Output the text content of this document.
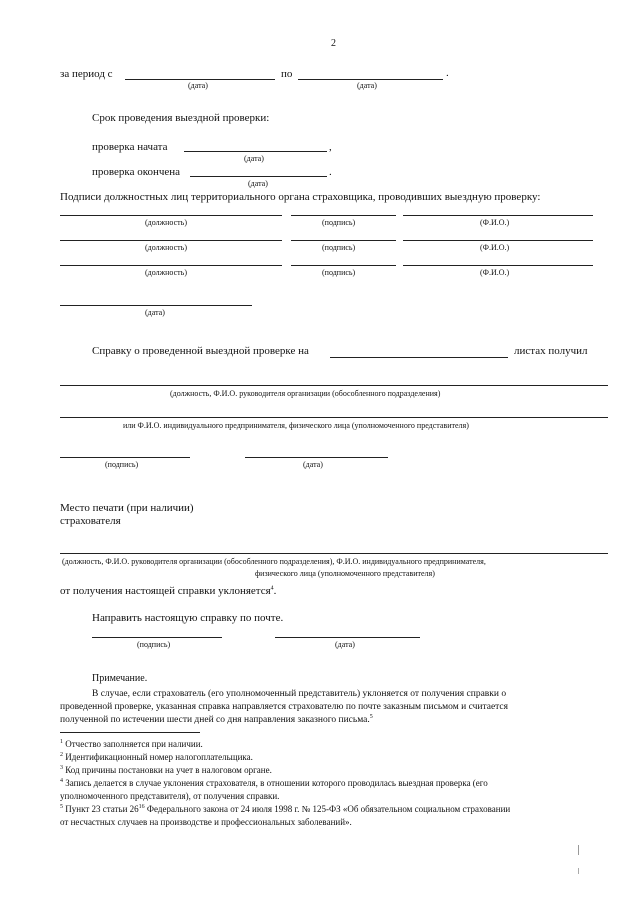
2
за период с	по	.
(дата)	(дата)
Срок проведения выездной проверки:
проверка начата	,
(дата)
проверка окончена	.
(дата)
Подписи должностных лиц территориального органа страховщика, проводивших выездную проверку:
(должность)	(подпись)	(Ф.И.О.)
(должность)	(подпись)	(Ф.И.О.)
(должность)	(подпись)	(Ф.И.О.)
(дата)
Справку о проведенной выездной проверке на	листах получил
(должность, Ф.И.О. руководителя организации (обособленного подразделения)
или Ф.И.О. индивидуального предпринимателя, физического лица (уполномоченного представителя)
(подпись)	(дата)
Место печати (при наличии)
страхователя
(должность, Ф.И.О. руководителя организации (обособленного подразделения), Ф.И.О. индивидуального предпринимателя,
физического лица (уполномоченного представителя)
от получения настоящей справки уклоняется$^4$.
Направить настоящую справку по почте.
(подпись)	(дата)
Примечание.
В случае, если страхователь (его уполномоченный представитель) уклоняется от получения справки о
проведенной проверке, указанная справка направляется страхователю по почте заказным письмом и считается
полученной по истечении шести дней со дня направления заказного письма.$^5$
$^1$ Отчество заполняется при наличии.
$^2$ Идентификационный номер налогоплательщика.
$^3$ Код причины постановки на учет в налоговом органе.
$^4$ Запись делается в случае уклонения страхователя, в отношении которого проводилась выездная проверка (его
уполномоченного представителя), от получения справки.
$^5$ Пункт 23 статьи $26^{16}$ Федерального закона от 24 июля 1998 г. № 125-ФЗ «Об обязательном социальном страховании
от несчастных случаев на производстве и профессиональных заболеваний».
